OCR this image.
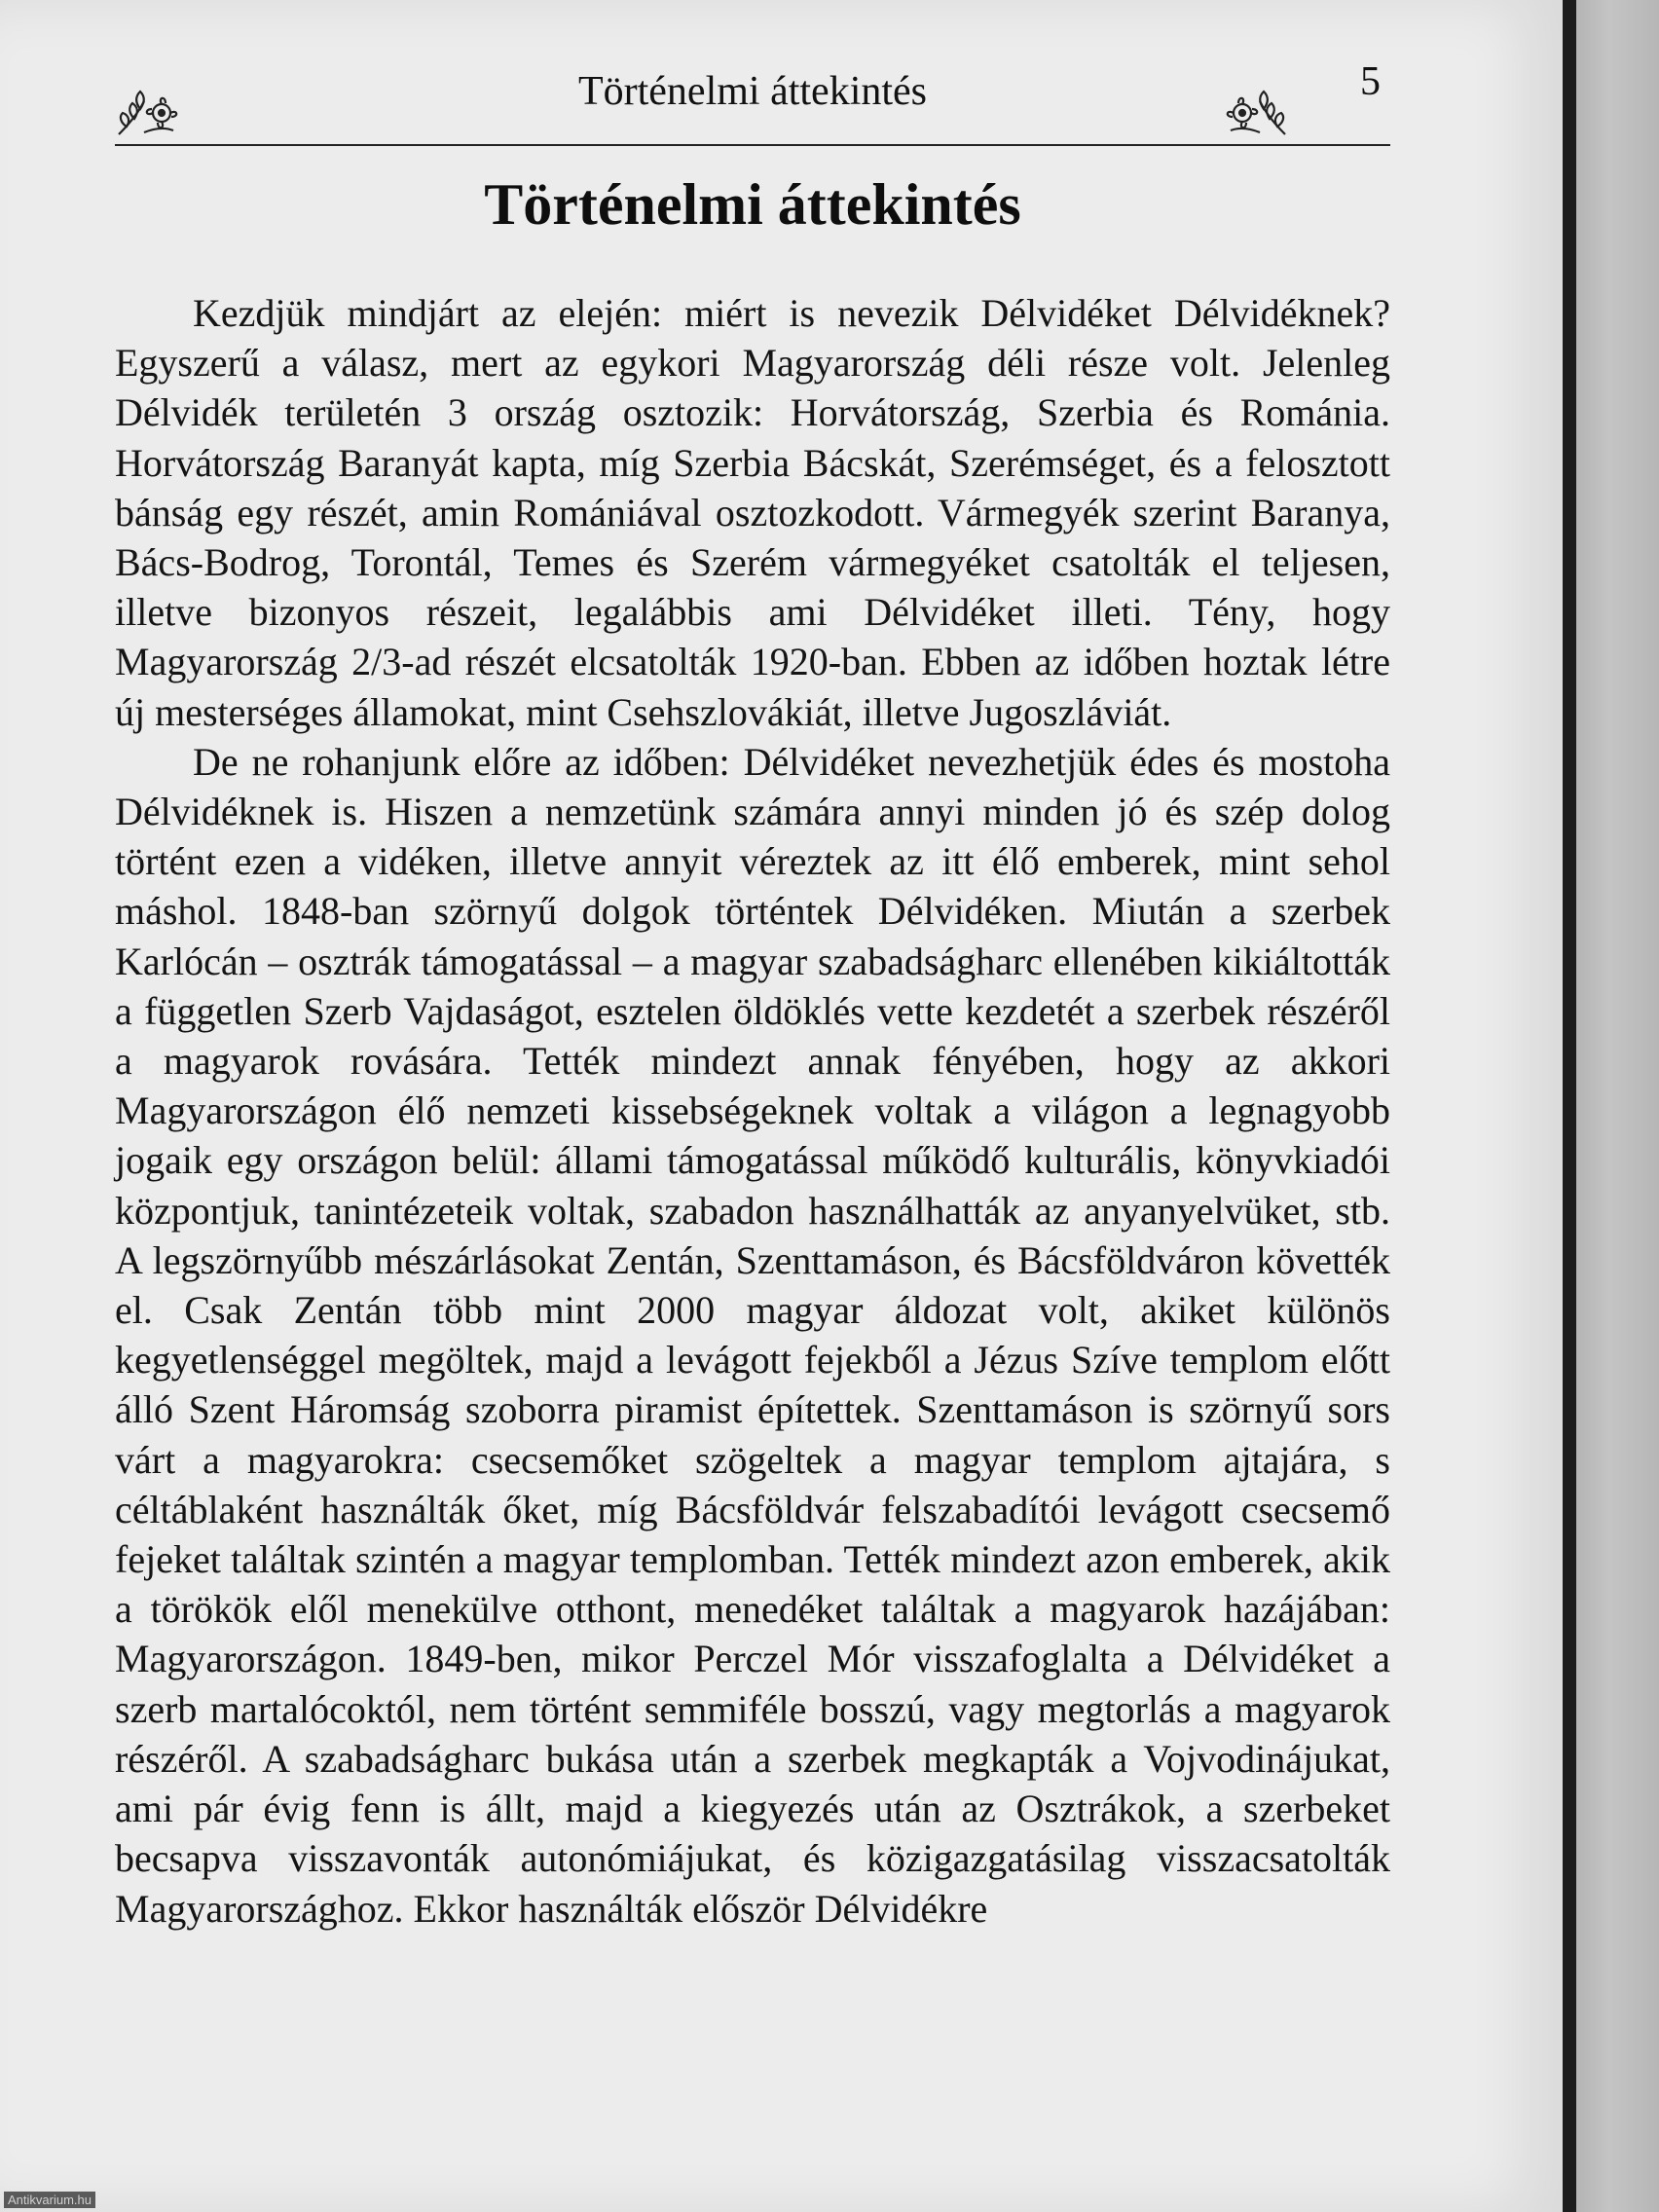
Történelmi áttekintés	5
Történelmi áttekintés

Kezdjük mindjárt az elején: miért is nevezik Délvidéket Délvidéknek? Egyszerű a válasz, mert az egykori Magyarország déli része volt. Jelenleg Délvidék területén 3 ország osztozik: Horvátország, Szerbia és Románia. Horvátország Baranyát kapta, míg Szerbia Bácskát, Szerémséget, és a felosztott bánság egy részét, amin Romániával osztozkodott. Vármegyék szerint Baranya, Bács-Bodrog, Torontál, Temes és Szerém vármegyéket csatolták el teljesen, illetve bizonyos részeit, legalábbis ami Délvidéket illeti. Tény, hogy Magyarország 2/3-ad részét elcsatolták 1920-ban. Ebben az időben hoztak létre új mesterséges államokat, mint Csehszlovákiát, illetve Jugoszláviát.

De ne rohanjunk előre az időben: Délvidéket nevezhetjük édes és mostoha Délvidéknek is. Hiszen a nemzetünk számára annyi minden jó és szép dolog történt ezen a vidéken, illetve annyit véreztek az itt élő emberek, mint sehol máshol. 1848-ban szörnyű dolgok történtek Délvidéken. Miután a szerbek Karlócán – osztrák támogatással – a magyar szabadságharc ellenében kikiáltották a független Szerb Vajdaságot, esztelen öldöklés vette kezdetét a szerbek részéről a magyarok rovására. Tették mindezt annak fényében, hogy az akkori Magyarországon élő nemzeti kissebségeknek voltak a világon a legnagyobb jogaik egy országon belül: állami támogatással működő kulturális, könyvkiadói központjuk, tanintézeteik voltak, szabadon használhatták az anyanyelvüket, stb. A legszörnyűbb mészárlásokat Zentán, Szenttamáson, és Bácsföldváron követték el. Csak Zentán több mint 2000 magyar áldozat volt, akiket különös kegyetlenséggel megöltek, majd a levágott fejekből a Jézus Szíve templom előtt álló Szent Háromság szoborra piramist építettek. Szenttamáson is szörnyű sors várt a magyarokra: csecsemőket szögeltek a magyar templom ajtajára, s céltáblaként használták őket, míg Bácsföldvár felszabadítói levágott csecsemő fejeket találtak szintén a magyar templomban. Tették mindezt azon emberek, akik a törökök elől menekülve otthont, menedéket találtak a magyarok hazájában: Magyarországon. 1849-ben, mikor Perczel Mór visszafoglalta a Délvidéket a szerb martalócoktól, nem történt semmiféle bosszú, vagy megtorlás a magyarok részéről. A szabadságharc bukása után a szerbek megkapták a Vojvodinájukat, ami pár évig fenn is állt, majd a kiegyezés után az Osztrákok, a szerbeket becsapva visszavonták autonómiájukat, és közigazgatásilag visszacsatolták Magyarországhoz. Ekkor használták először Délvidékre

Antikvarium.hu
